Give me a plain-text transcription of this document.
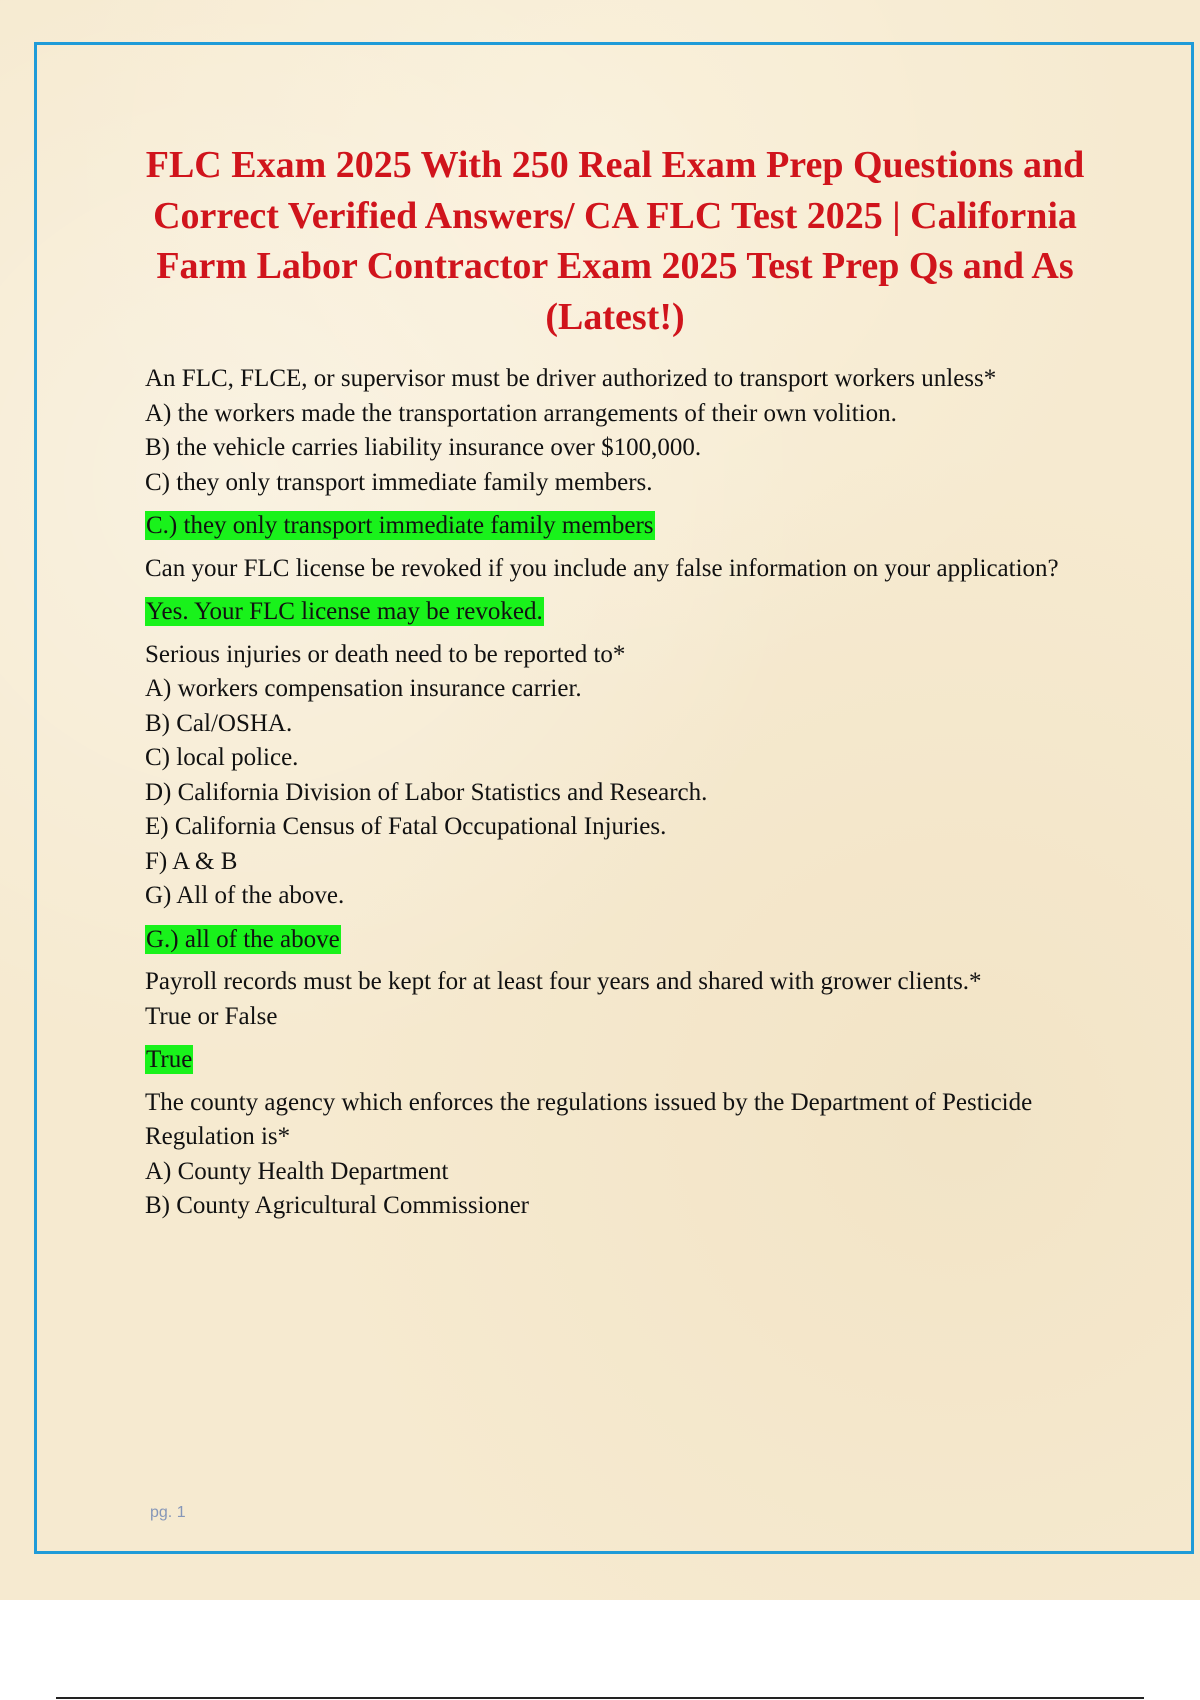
FLC Exam 2025 With 250 Real Exam Prep Questions and Correct Verified Answers/ CA FLC Test 2025 | California Farm Labor Contractor Exam 2025 Test Prep Qs and As (Latest!)
An FLC, FLCE, or supervisor must be driver authorized to transport workers unless*
A) the workers made the transportation arrangements of their own volition.
B) the vehicle carries liability insurance over $100,000.
C) they only transport immediate family members.
C.) they only transport immediate family members
Can your FLC license be revoked if you include any false information on your application?
Yes. Your FLC license may be revoked.
Serious injuries or death need to be reported to*
A) workers compensation insurance carrier.
B) Cal/OSHA.
C) local police.
D) California Division of Labor Statistics and Research.
E) California Census of Fatal Occupational Injuries.
F) A & B
G) All of the above.
G.) all of the above
Payroll records must be kept for at least four years and shared with grower clients.*
True or False
True
The county agency which enforces the regulations issued by the Department of Pesticide Regulation is*
A) County Health Department
B) County Agricultural Commissioner
pg. 1
